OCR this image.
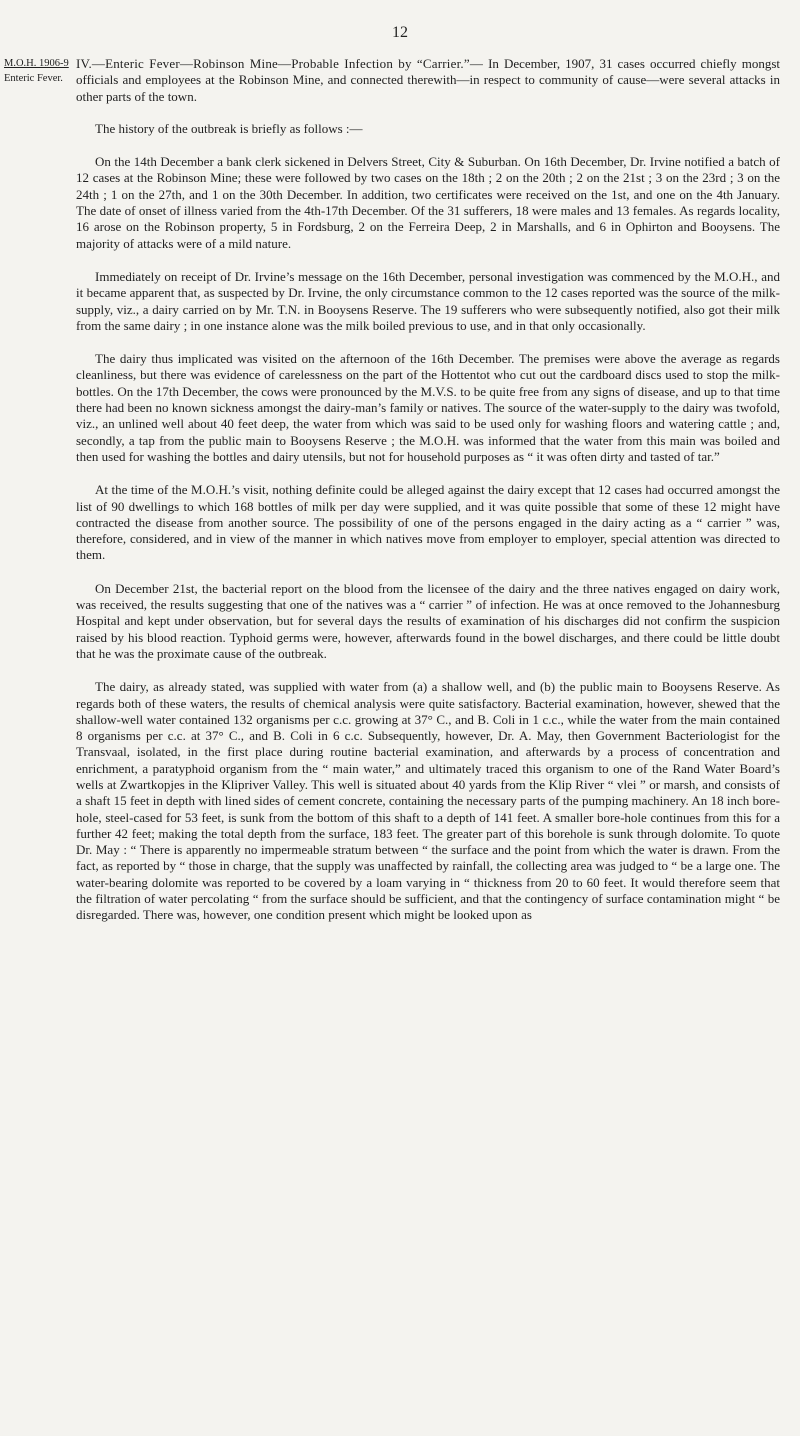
12
M.O.H. 1906-9
Enteric Fever.

IV.—Enteric Fever—Robinson Mine—Probable Infection by “Carrier.”— In December, 1907, 31 cases occurred chiefly mongst officials and employees at the Robinson Mine, and connected therewith—in respect to community of cause—were several attacks in other parts of the town.

The history of the outbreak is briefly as follows :—

On the 14th December a bank clerk sickened in Delvers Street, City & Suburban. On 16th December, Dr. Irvine notified a batch of 12 cases at the Robinson Mine; these were followed by two cases on the 18th ; 2 on the 20th ; 2 on the 21st ; 3 on the 23rd ; 3 on the 24th ; 1 on the 27th, and 1 on the 30th December. In addition, two certificates were received on the 1st, and one on the 4th January. The date of onset of illness varied from the 4th-17th December. Of the 31 sufferers, 18 were males and 13 females. As regards locality, 16 arose on the Robinson property, 5 in Fordsburg, 2 on the Ferreira Deep, 2 in Marshalls, and 6 in Ophirton and Booysens. The majority of attacks were of a mild nature.

Immediately on receipt of Dr. Irvine’s message on the 16th December, personal investigation was commenced by the M.O.H., and it became apparent that, as suspected by Dr. Irvine, the only circumstance common to the 12 cases reported was the source of the milk-supply, viz., a dairy carried on by Mr. T.N. in Booysens Reserve. The 19 sufferers who were subsequently notified, also got their milk from the same dairy ; in one instance alone was the milk boiled previous to use, and in that only occasionally.

The dairy thus implicated was visited on the afternoon of the 16th December. The premises were above the average as regards cleanliness, but there was evidence of carelessness on the part of the Hottentot who cut out the cardboard discs used to stop the milk-bottles. On the 17th December, the cows were pronounced by the M.V.S. to be quite free from any signs of disease, and up to that time there had been no known sickness amongst the dairy-man’s family or natives. The source of the water-supply to the dairy was twofold, viz., an unlined well about 40 feet deep, the water from which was said to be used only for washing floors and watering cattle ; and, secondly, a tap from the public main to Booysens Reserve ; the M.O.H. was informed that the water from this main was boiled and then used for washing the bottles and dairy utensils, but not for household purposes as “ it was often dirty and tasted of tar.”

At the time of the M.O.H.’s visit, nothing definite could be alleged against the dairy except that 12 cases had occurred amongst the list of 90 dwellings to which 168 bottles of milk per day were supplied, and it was quite possible that some of these 12 might have contracted the disease from another source. The possibility of one of the persons engaged in the dairy acting as a “ carrier ” was, therefore, considered, and in view of the manner in which natives move from employer to employer, special attention was directed to them.

On December 21st, the bacterial report on the blood from the licensee of the dairy and the three natives engaged on dairy work, was received, the results suggesting that one of the natives was a “ carrier ” of infection. He was at once removed to the Johannesburg Hospital and kept under observation, but for several days the results of examination of his discharges did not confirm the suspicion raised by his blood reaction. Typhoid germs were, however, afterwards found in the bowel discharges, and there could be little doubt that he was the proximate cause of the outbreak.

The dairy, as already stated, was supplied with water from (a) a shallow well, and (b) the public main to Booysens Reserve. As regards both of these waters, the results of chemical analysis were quite satisfactory. Bacterial examination, however, shewed that the shallow-well water contained 132 organisms per c.c. growing at 37° C., and B. Coli in 1 c.c., while the water from the main contained 8 organisms per c.c. at 37° C., and B. Coli in 6 c.c. Subsequently, however, Dr. A. May, then Government Bacteriologist for the Transvaal, isolated, in the first place during routine bacterial examination, and afterwards by a process of concentration and enrichment, a paratyphoid organism from the “ main water,” and ultimately traced this organism to one of the Rand Water Board’s wells at Zwartkopjes in the Klipriver Valley. This well is situated about 40 yards from the Klip River “ vlei ” or marsh, and consists of a shaft 15 feet in depth with lined sides of cement concrete, containing the necessary parts of the pumping machinery. An 18 inch bore-hole, steel-cased for 53 feet, is sunk from the bottom of this shaft to a depth of 141 feet. A smaller bore-hole continues from this for a further 42 feet; making the total depth from the surface, 183 feet. The greater part of this borehole is sunk through dolomite. To quote Dr. May : “ There is apparently no impermeable stratum between “ the surface and the point from which the water is drawn. From the fact, as reported by “ those in charge, that the supply was unaffected by rainfall, the collecting area was judged to “ be a large one. The water-bearing dolomite was reported to be covered by a loam varying in “ thickness from 20 to 60 feet. It would therefore seem that the filtration of water percolating “ from the surface should be sufficient, and that the contingency of surface contamination might “ be disregarded. There was, however, one condition present which might be looked upon as
